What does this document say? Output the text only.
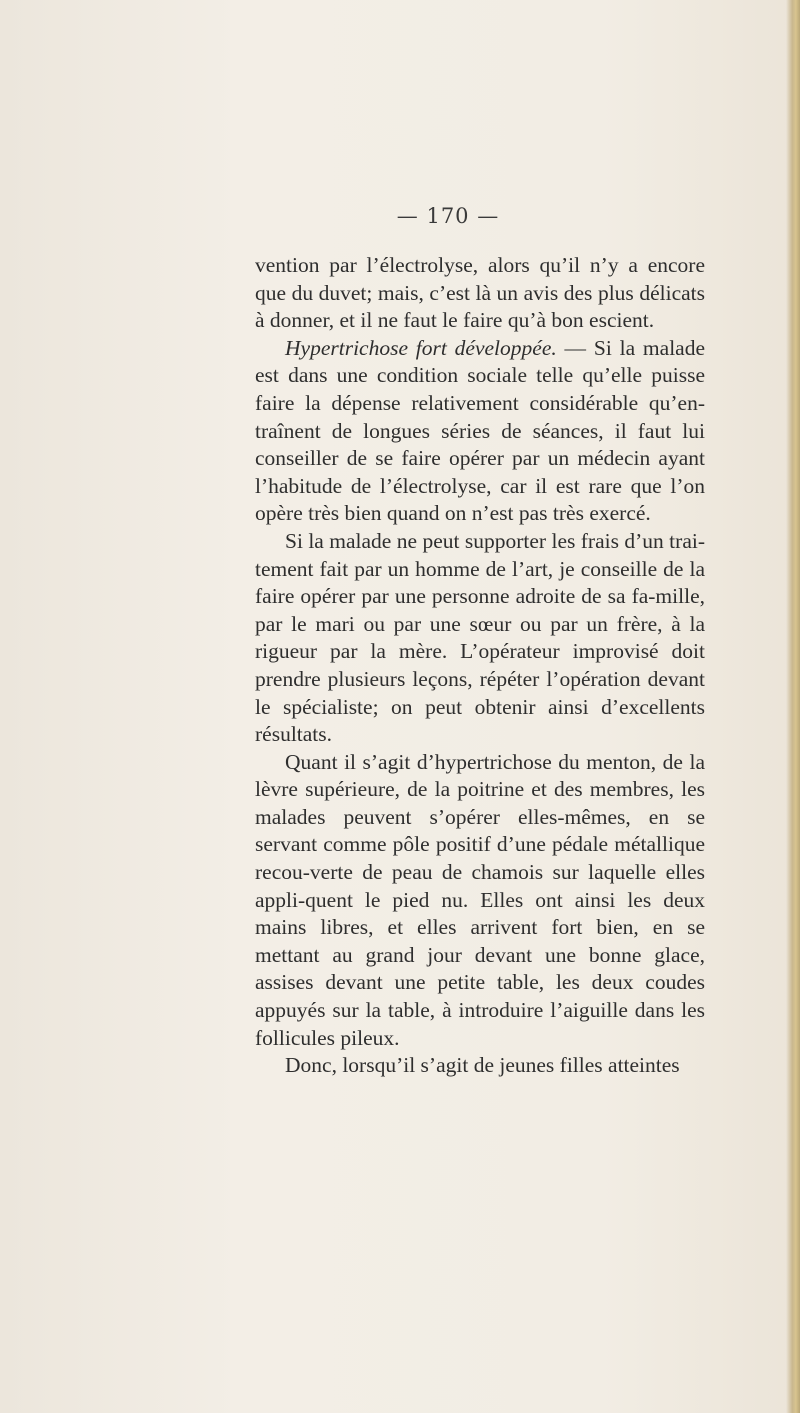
— 170 —

vention par l’électrolyse, alors qu’il n’y a encore que du duvet; mais, c’est là un avis des plus délicats à donner, et il ne faut le faire qu’à bon escient.

Hypertrichose fort développée. — Si la malade est dans une condition sociale telle qu’elle puisse faire la dépense relativement considérable qu’en-traînent de longues séries de séances, il faut lui conseiller de se faire opérer par un médecin ayant l’habitude de l’électrolyse, car il est rare que l’on opère très bien quand on n’est pas très exercé.

Si la malade ne peut supporter les frais d’un trai-tement fait par un homme de l’art, je conseille de la faire opérer par une personne adroite de sa fa-mille, par le mari ou par une sœur ou par un frère, à la rigueur par la mère. L’opérateur improvisé doit prendre plusieurs leçons, répéter l’opération devant le spécialiste; on peut obtenir ainsi d’excellents résultats.

Quant il s’agit d’hypertrichose du menton, de la lèvre supérieure, de la poitrine et des membres, les malades peuvent s’opérer elles-mêmes, en se servant comme pôle positif d’une pédale métallique recou-verte de peau de chamois sur laquelle elles appli-quent le pied nu. Elles ont ainsi les deux mains libres, et elles arrivent fort bien, en se mettant au grand jour devant une bonne glace, assises devant une petite table, les deux coudes appuyés sur la table, à introduire l’aiguille dans les follicules pileux.

Donc, lorsqu’il s’agit de jeunes filles atteintes
